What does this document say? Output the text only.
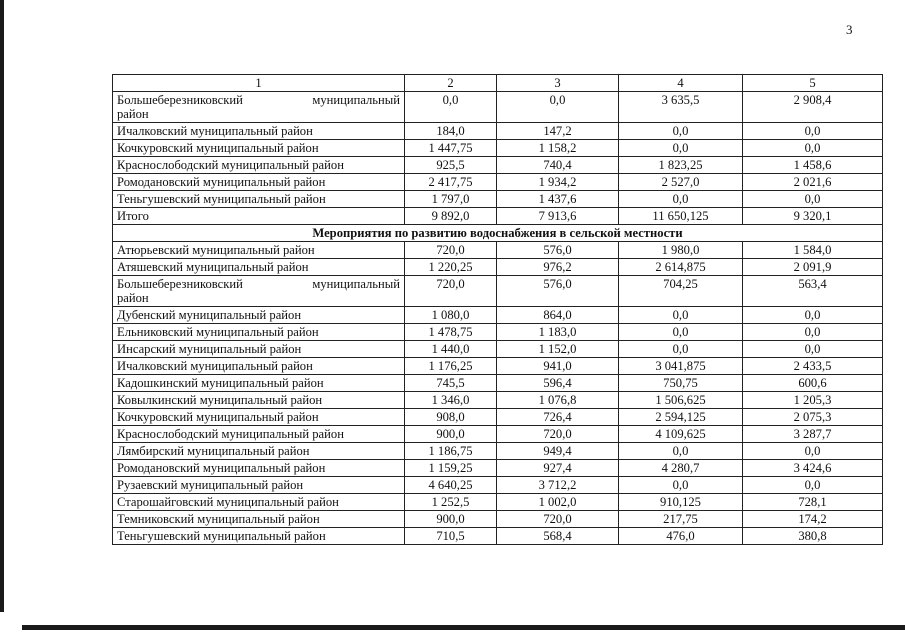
3
1	2	3	4	5

Большеберезниковский муниципальный
район	0,0	0,0	3 635,5	2 908,4
Ичалковский муниципальный район	184,0	147,2	0,0	0,0
Кочкуровский муниципальный район	1 447,75	1 158,2	0,0	0,0
Краснослободский муниципальный район	925,5	740,4	1 823,25	1 458,6
Ромодановский муниципальный район	2 417,75	1 934,2	2 527,0	2 021,6
Теньгушевский муниципальный район	1 797,0	1 437,6	0,0	0,0
Итого	9 892,0	7 913,6	11 650,125	9 320,1
Мероприятия по развитию водоснабжения в сельской местности				
Атюрьевский муниципальный район	720,0	576,0	1 980,0	1 584,0
Атяшевский муниципальный район	1 220,25	976,2	2 614,875	2 091,9

Большеберезниковский муниципальный
район	720,0	576,0	704,25	563,4
Дубенский муниципальный район	1 080,0	864,0	0,0	0,0
Ельниковский муниципальный район	1 478,75	1 183,0	0,0	0,0
Инсарский муниципальный район	1 440,0	1 152,0	0,0	0,0
Ичалковский муниципальный район	1 176,25	941,0	3 041,875	2 433,5
Кадошкинский муниципальный район	745,5	596,4	750,75	600,6
Ковылкинский муниципальный район	1 346,0	1 076,8	1 506,625	1 205,3
Кочкуровский муниципальный район	908,0	726,4	2 594,125	2 075,3
Краснослободский муниципальный район	900,0	720,0	4 109,625	3 287,7
Лямбирский муниципальный район	1 186,75	949,4	0,0	0,0
Ромодановский муниципальный район	1 159,25	927,4	4 280,7	3 424,6
Рузаевский муниципальный район	4 640,25	3 712,2	0,0	0,0
Старошайговский муниципальный район	1 252,5	1 002,0	910,125	728,1
Темниковский муниципальный район	900,0	720,0	217,75	174,2
Теньгушевский муниципальный район	710,5	568,4	476,0	380,8
